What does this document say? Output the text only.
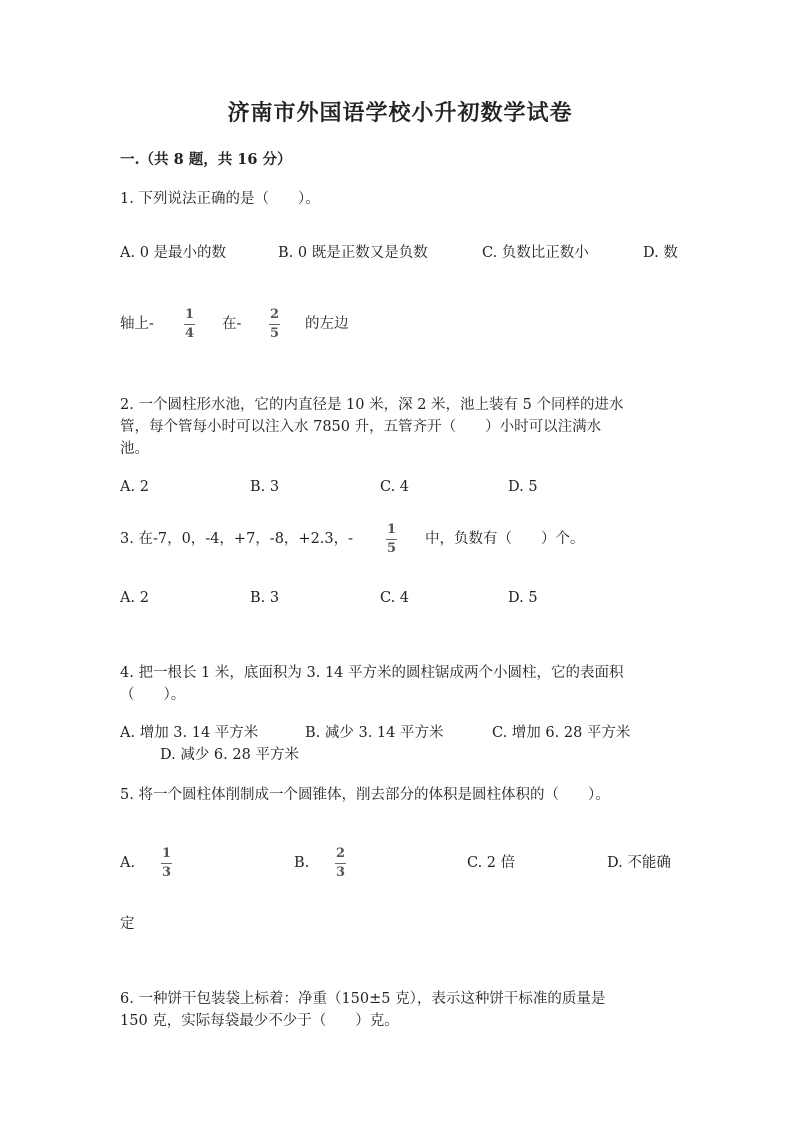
济南市外国语学校小升初数学试卷
一.（共 8 题，共 16 分）
1. 下列说法正确的是（　　）。
A. 0 是最小的数	B. 0 既是正数又是负数	C. 负数比正数小	D. 数
轴上-
1
4
在-
2
5
的左边
2. 一个圆柱形水池，它的内直径是 10 米，深 2 米，池上装有 5 个同样的进水
管，每个管每小时可以注入水 7850 升，五管齐开（　　）小时可以注满水
池。
A. 2	B. 3	C. 4	D. 5
3. 在-7，0，-4，+7，-8，+2.3，-
1
5
中，负数有（　　）个。
A. 2	B. 3	C. 4	D. 5
4. 把一根长 1 米，底面积为 3. 14 平方米的圆柱锯成两个小圆柱，它的表面积
（　　）。
A. 增加 3. 14 平方米	B. 减少 3. 14 平方米	C. 增加 6. 28 平方米
D. 减少 6. 28 平方米
5. 将一个圆柱体削制成一个圆锥体，削去部分的体积是圆柱体积的（　　）。
A.
1
3
B.
2
3
C. 2 倍	D. 不能确
定
6. 一种饼干包装袋上标着：净重（150±5 克），表示这种饼干标准的质量是
150 克，实际每袋最少不少于（　　）克。
